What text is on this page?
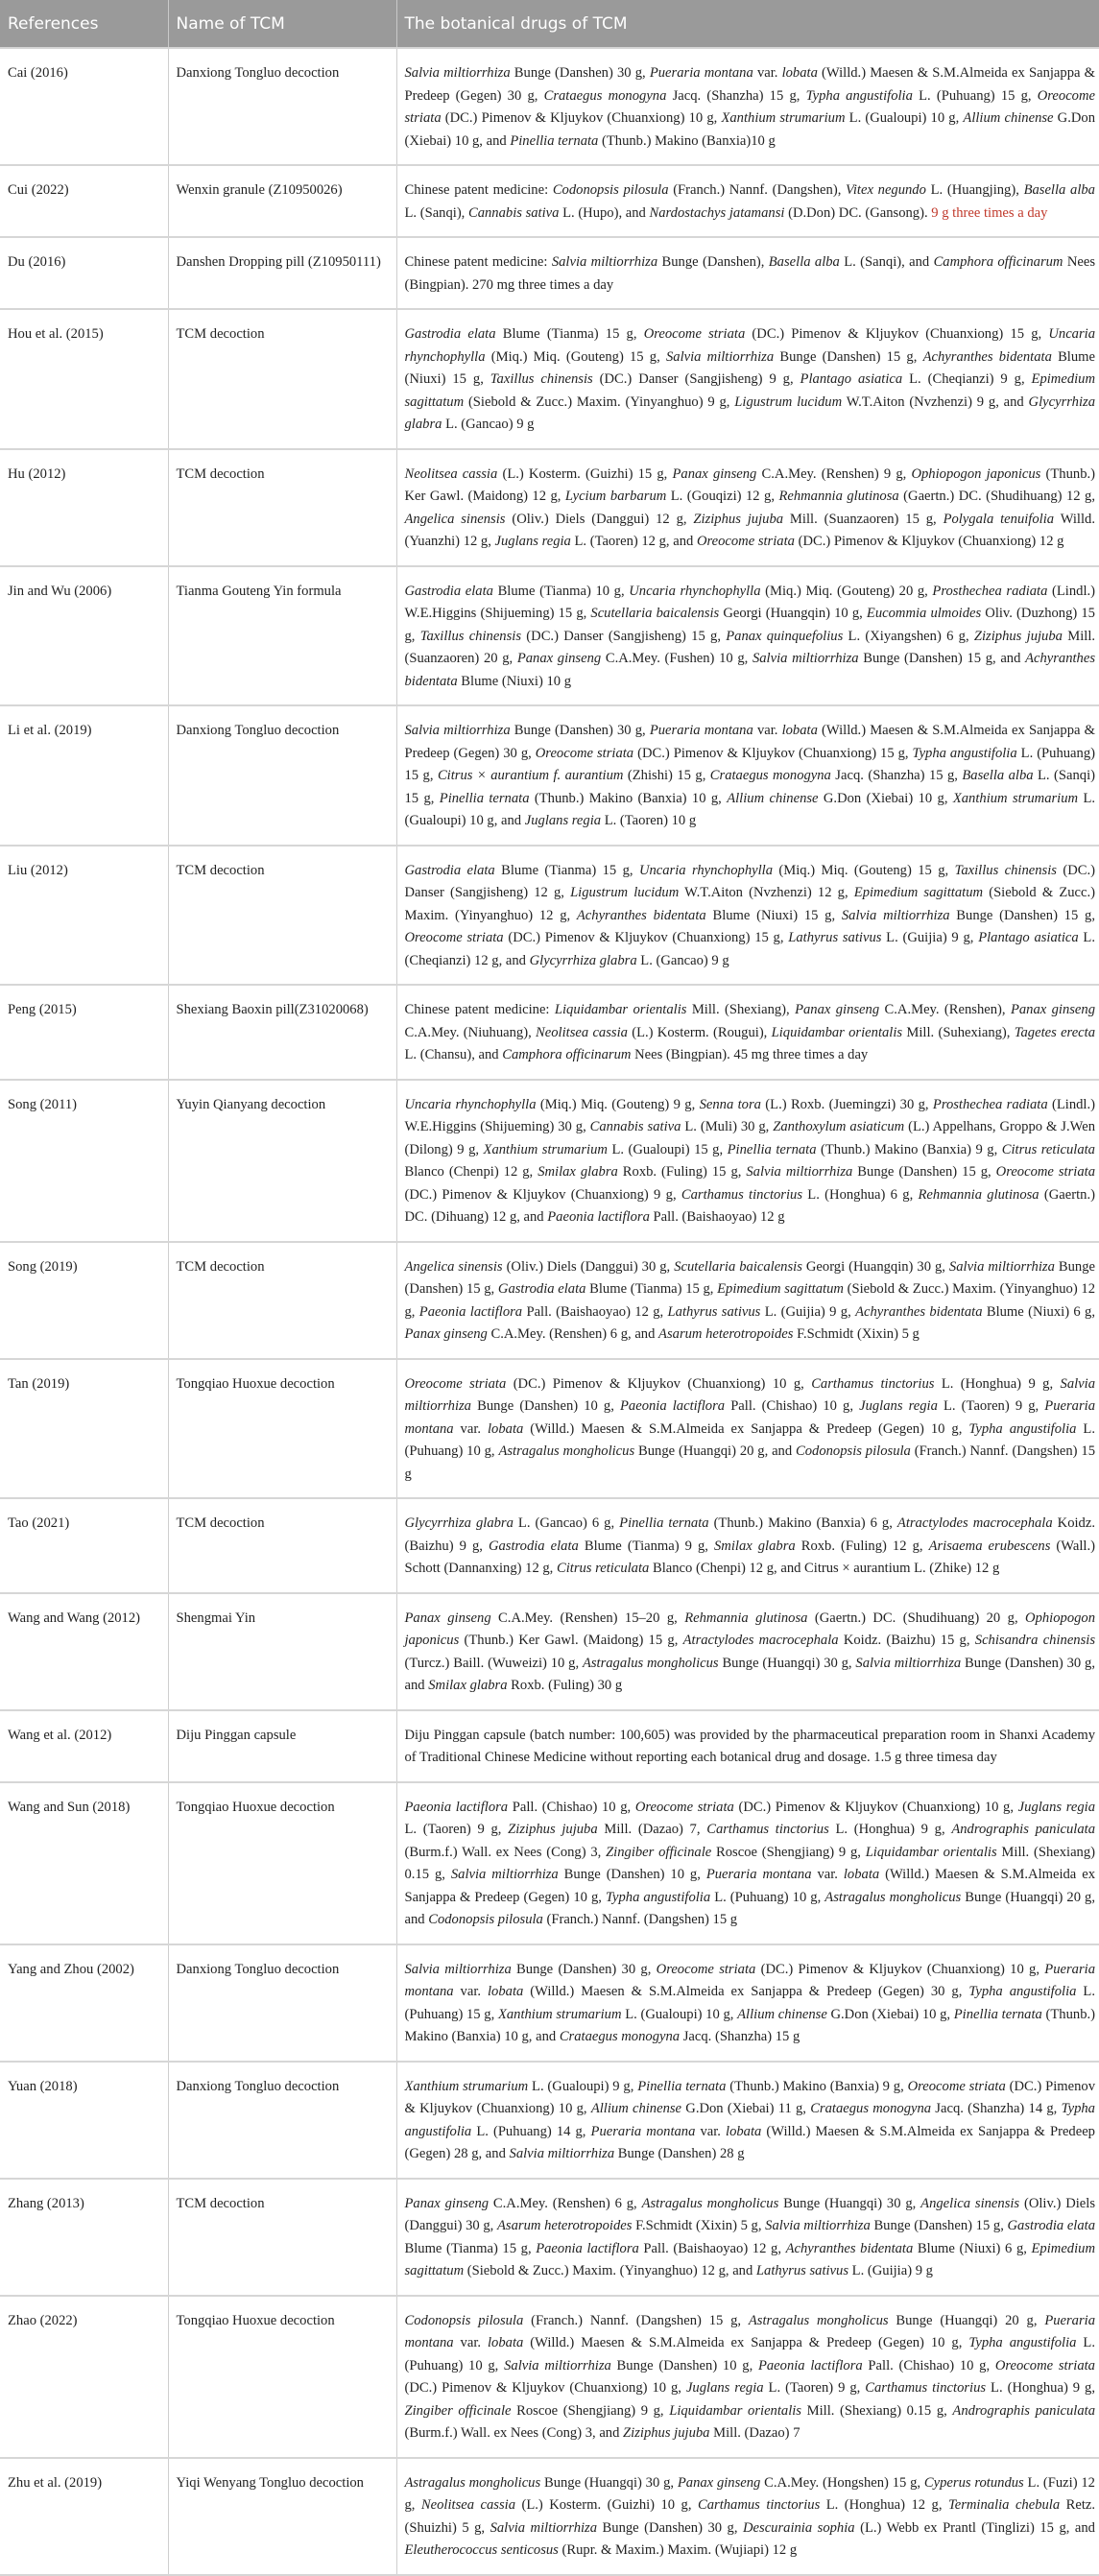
References	Name of TCM	The botanical drugs of TCM
Cai (2016)	Danxiong Tongluo decoction	Salvia miltiorrhiza Bunge (Danshen) 30 g, Pueraria montana var. lobata (Willd.) Maesen & S.M.Almeida ex Sanjappa & Predeep (Gegen) 30 g, Crataegus monogyna Jacq. (Shanzha) 15 g, Typha angustifolia L. (Puhuang) 15 g, Oreocome striata (DC.) Pimenov & Kljuykov (Chuanxiong) 10 g, Xanthium strumarium L. (Gualoupi) 10 g, Allium chinense G.Don (Xiebai) 10 g, and Pinellia ternata (Thunb.) Makino (Banxia)10 g
Cui (2022)	Wenxin granule (Z10950026)	Chinese patent medicine: Codonopsis pilosula (Franch.) Nannf. (Dangshen), Vitex negundo L. (Huangjing), Basella alba L. (Sanqi), Cannabis sativa L. (Hupo), and Nardostachys jatamansi (D.Don) DC. (Gansong). 9 g three times a day
Du (2016)	Danshen Dropping pill (Z10950111)	Chinese patent medicine: Salvia miltiorrhiza Bunge (Danshen), Basella alba L. (Sanqi), and Camphora officinarum Nees (Bingpian). 270 mg three times a day
Hou et al. (2015)	TCM decoction	Gastrodia elata Blume (Tianma) 15 g, Oreocome striata (DC.) Pimenov & Kljuykov (Chuanxiong) 15 g, Uncaria rhynchophylla (Miq.) Miq. (Gouteng) 15 g, Salvia miltiorrhiza Bunge (Danshen) 15 g, Achyranthes bidentata Blume (Niuxi) 15 g, Taxillus chinensis (DC.) Danser (Sangjisheng) 9 g, Plantago asiatica L. (Cheqianzi) 9 g, Epimedium sagittatum (Siebold & Zucc.) Maxim. (Yinyanghuo) 9 g, Ligustrum lucidum W.T.Aiton (Nvzhenzi) 9 g, and Glycyrrhiza glabra L. (Gancao) 9 g
Hu (2012)	TCM decoction	Neolitsea cassia (L.) Kosterm. (Guizhi) 15 g, Panax ginseng C.A.Mey. (Renshen) 9 g, Ophiopogon japonicus (Thunb.) Ker Gawl. (Maidong) 12 g, Lycium barbarum L. (Gouqizi) 12 g, Rehmannia glutinosa (Gaertn.) DC. (Shudihuang) 12 g, Angelica sinensis (Oliv.) Diels (Danggui) 12 g, Ziziphus jujuba Mill. (Suanzaoren) 15 g, Polygala tenuifolia Willd. (Yuanzhi) 12 g, Juglans regia L. (Taoren) 12 g, and Oreocome striata (DC.) Pimenov & Kljuykov (Chuanxiong) 12 g
Jin and Wu (2006)	Tianma Gouteng Yin formula	Gastrodia elata Blume (Tianma) 10 g, Uncaria rhynchophylla (Miq.) Miq. (Gouteng) 20 g, Prosthechea radiata (Lindl.) W.E.Higgins (Shijueming) 15 g, Scutellaria baicalensis Georgi (Huangqin) 10 g, Eucommia ulmoides Oliv. (Duzhong) 15 g, Taxillus chinensis (DC.) Danser (Sangjisheng) 15 g, Panax quinquefolius L. (Xiyangshen) 6 g, Ziziphus jujuba Mill. (Suanzaoren) 20 g, Panax ginseng C.A.Mey. (Fushen) 10 g, Salvia miltiorrhiza Bunge (Danshen) 15 g, and Achyranthes bidentata Blume (Niuxi) 10 g
Li et al. (2019)	Danxiong Tongluo decoction	Salvia miltiorrhiza Bunge (Danshen) 30 g, Pueraria montana var. lobata (Willd.) Maesen & S.M.Almeida ex Sanjappa & Predeep (Gegen) 30 g, Oreocome striata (DC.) Pimenov & Kljuykov (Chuanxiong) 15 g, Typha angustifolia L. (Puhuang) 15 g, Citrus × aurantium f. aurantium (Zhishi) 15 g, Crataegus monogyna Jacq. (Shanzha) 15 g, Basella alba L. (Sanqi) 15 g, Pinellia ternata (Thunb.) Makino (Banxia) 10 g, Allium chinense G.Don (Xiebai) 10 g, Xanthium strumarium L. (Gualoupi) 10 g, and Juglans regia L. (Taoren) 10 g
Liu (2012)	TCM decoction	Gastrodia elata Blume (Tianma) 15 g, Uncaria rhynchophylla (Miq.) Miq. (Gouteng) 15 g, Taxillus chinensis (DC.) Danser (Sangjisheng) 12 g, Ligustrum lucidum W.T.Aiton (Nvzhenzi) 12 g, Epimedium sagittatum (Siebold & Zucc.) Maxim. (Yinyanghuo) 12 g, Achyranthes bidentata Blume (Niuxi) 15 g, Salvia miltiorrhiza Bunge (Danshen) 15 g, Oreocome striata (DC.) Pimenov & Kljuykov (Chuanxiong) 15 g, Lathyrus sativus L. (Guijia) 9 g, Plantago asiatica L. (Cheqianzi) 12 g, and Glycyrrhiza glabra L. (Gancao) 9 g
Peng (2015)	Shexiang Baoxin pill(Z31020068)	Chinese patent medicine: Liquidambar orientalis Mill. (Shexiang), Panax ginseng C.A.Mey. (Renshen), Panax ginseng C.A.Mey. (Niuhuang), Neolitsea cassia (L.) Kosterm. (Rougui), Liquidambar orientalis Mill. (Suhexiang), Tagetes erecta L. (Chansu), and Camphora officinarum Nees (Bingpian). 45 mg three times a day
Song (2011)	Yuyin Qianyang decoction	Uncaria rhynchophylla (Miq.) Miq. (Gouteng) 9 g, Senna tora (L.) Roxb. (Juemingzi) 30 g, Prosthechea radiata (Lindl.) W.E.Higgins (Shijueming) 30 g, Cannabis sativa L. (Muli) 30 g, Zanthoxylum asiaticum (L.) Appelhans, Groppo & J.Wen (Dilong) 9 g, Xanthium strumarium L. (Gualoupi) 15 g, Pinellia ternata (Thunb.) Makino (Banxia) 9 g, Citrus reticulata Blanco (Chenpi) 12 g, Smilax glabra Roxb. (Fuling) 15 g, Salvia miltiorrhiza Bunge (Danshen) 15 g, Oreocome striata (DC.) Pimenov & Kljuykov (Chuanxiong) 9 g, Carthamus tinctorius L. (Honghua) 6 g, Rehmannia glutinosa (Gaertn.) DC. (Dihuang) 12 g, and Paeonia lactiflora Pall. (Baishaoyao) 12 g
Song (2019)	TCM decoction	Angelica sinensis (Oliv.) Diels (Danggui) 30 g, Scutellaria baicalensis Georgi (Huangqin) 30 g, Salvia miltiorrhiza Bunge (Danshen) 15 g, Gastrodia elata Blume (Tianma) 15 g, Epimedium sagittatum (Siebold & Zucc.) Maxim. (Yinyanghuo) 12 g, Paeonia lactiflora Pall. (Baishaoyao) 12 g, Lathyrus sativus L. (Guijia) 9 g, Achyranthes bidentata Blume (Niuxi) 6 g, Panax ginseng C.A.Mey. (Renshen) 6 g, and Asarum heterotropoides F.Schmidt (Xixin) 5 g
Tan (2019)	Tongqiao Huoxue decoction	Oreocome striata (DC.) Pimenov & Kljuykov (Chuanxiong) 10 g, Carthamus tinctorius L. (Honghua) 9 g, Salvia miltiorrhiza Bunge (Danshen) 10 g, Paeonia lactiflora Pall. (Chishao) 10 g, Juglans regia L. (Taoren) 9 g, Pueraria montana var. lobata (Willd.) Maesen & S.M.Almeida ex Sanjappa & Predeep (Gegen) 10 g, Typha angustifolia L. (Puhuang) 10 g, Astragalus mongholicus Bunge (Huangqi) 20 g, and Codonopsis pilosula (Franch.) Nannf. (Dangshen) 15 g
Tao (2021)	TCM decoction	Glycyrrhiza glabra L. (Gancao) 6 g, Pinellia ternata (Thunb.) Makino (Banxia) 6 g, Atractylodes macrocephala Koidz. (Baizhu) 9 g, Gastrodia elata Blume (Tianma) 9 g, Smilax glabra Roxb. (Fuling) 12 g, Arisaema erubescens (Wall.) Schott (Dannanxing) 12 g, Citrus reticulata Blanco (Chenpi) 12 g, and Citrus × aurantium L. (Zhike) 12 g
Wang and Wang (2012)	Shengmai Yin	Panax ginseng C.A.Mey. (Renshen) 15–20 g, Rehmannia glutinosa (Gaertn.) DC. (Shudihuang) 20 g, Ophiopogon japonicus (Thunb.) Ker Gawl. (Maidong) 15 g, Atractylodes macrocephala Koidz. (Baizhu) 15 g, Schisandra chinensis (Turcz.) Baill. (Wuweizi) 10 g, Astragalus mongholicus Bunge (Huangqi) 30 g, Salvia miltiorrhiza Bunge (Danshen) 30 g, and Smilax glabra Roxb. (Fuling) 30 g
Wang et al. (2012)	Diju Pinggan capsule	Diju Pinggan capsule (batch number: 100,605) was provided by the pharmaceutical preparation room in Shanxi Academy of Traditional Chinese Medicine without reporting each botanical drug and dosage. 1.5 g three timesa day
Wang and Sun (2018)	Tongqiao Huoxue decoction	Paeonia lactiflora Pall. (Chishao) 10 g, Oreocome striata (DC.) Pimenov & Kljuykov (Chuanxiong) 10 g, Juglans regia L. (Taoren) 9 g, Ziziphus jujuba Mill. (Dazao) 7, Carthamus tinctorius L. (Honghua) 9 g, Andrographis paniculata (Burm.f.) Wall. ex Nees (Cong) 3, Zingiber officinale Roscoe (Shengjiang) 9 g, Liquidambar orientalis Mill. (Shexiang) 0.15 g, Salvia miltiorrhiza Bunge (Danshen) 10 g, Pueraria montana var. lobata (Willd.) Maesen & S.M.Almeida ex Sanjappa & Predeep (Gegen) 10 g, Typha angustifolia L. (Puhuang) 10 g, Astragalus mongholicus Bunge (Huangqi) 20 g, and Codonopsis pilosula (Franch.) Nannf. (Dangshen) 15 g
Yang and Zhou (2002)	Danxiong Tongluo decoction	Salvia miltiorrhiza Bunge (Danshen) 30 g, Oreocome striata (DC.) Pimenov & Kljuykov (Chuanxiong) 10 g, Pueraria montana var. lobata (Willd.) Maesen & S.M.Almeida ex Sanjappa & Predeep (Gegen) 30 g, Typha angustifolia L. (Puhuang) 15 g, Xanthium strumarium L. (Gualoupi) 10 g, Allium chinense G.Don (Xiebai) 10 g, Pinellia ternata (Thunb.) Makino (Banxia) 10 g, and Crataegus monogyna Jacq. (Shanzha) 15 g
Yuan (2018)	Danxiong Tongluo decoction	Xanthium strumarium L. (Gualoupi) 9 g, Pinellia ternata (Thunb.) Makino (Banxia) 9 g, Oreocome striata (DC.) Pimenov & Kljuykov (Chuanxiong) 10 g, Allium chinense G.Don (Xiebai) 11 g, Crataegus monogyna Jacq. (Shanzha) 14 g, Typha angustifolia L. (Puhuang) 14 g, Pueraria montana var. lobata (Willd.) Maesen & S.M.Almeida ex Sanjappa & Predeep (Gegen) 28 g, and Salvia miltiorrhiza Bunge (Danshen) 28 g
Zhang (2013)	TCM decoction	Panax ginseng C.A.Mey. (Renshen) 6 g, Astragalus mongholicus Bunge (Huangqi) 30 g, Angelica sinensis (Oliv.) Diels (Danggui) 30 g, Asarum heterotropoides F.Schmidt (Xixin) 5 g, Salvia miltiorrhiza Bunge (Danshen) 15 g, Gastrodia elata Blume (Tianma) 15 g, Paeonia lactiflora Pall. (Baishaoyao) 12 g, Achyranthes bidentata Blume (Niuxi) 6 g, Epimedium sagittatum (Siebold & Zucc.) Maxim. (Yinyanghuo) 12 g, and Lathyrus sativus L. (Guijia) 9 g
Zhao (2022)	Tongqiao Huoxue decoction	Codonopsis pilosula (Franch.) Nannf. (Dangshen) 15 g, Astragalus mongholicus Bunge (Huangqi) 20 g, Pueraria montana var. lobata (Willd.) Maesen & S.M.Almeida ex Sanjappa & Predeep (Gegen) 10 g, Typha angustifolia L. (Puhuang) 10 g, Salvia miltiorrhiza Bunge (Danshen) 10 g, Paeonia lactiflora Pall. (Chishao) 10 g, Oreocome striata (DC.) Pimenov & Kljuykov (Chuanxiong) 10 g, Juglans regia L. (Taoren) 9 g, Carthamus tinctorius L. (Honghua) 9 g, Zingiber officinale Roscoe (Shengjiang) 9 g, Liquidambar orientalis Mill. (Shexiang) 0.15 g, Andrographis paniculata (Burm.f.) Wall. ex Nees (Cong) 3, and Ziziphus jujuba Mill. (Dazao) 7
Zhu et al. (2019)	Yiqi Wenyang Tongluo decoction	Astragalus mongholicus Bunge (Huangqi) 30 g, Panax ginseng C.A.Mey. (Hongshen) 15 g, Cyperus rotundus L. (Fuzi) 12 g, Neolitsea cassia (L.) Kosterm. (Guizhi) 10 g, Carthamus tinctorius L. (Honghua) 12 g, Terminalia chebula Retz. (Shuizhi) 5 g, Salvia miltiorrhiza Bunge (Danshen) 30 g, Descurainia sophia (L.) Webb ex Prantl (Tinglizi) 15 g, and Eleutherococcus senticosus (Rupr. & Maxim.) Maxim. (Wujiapi) 12 g
